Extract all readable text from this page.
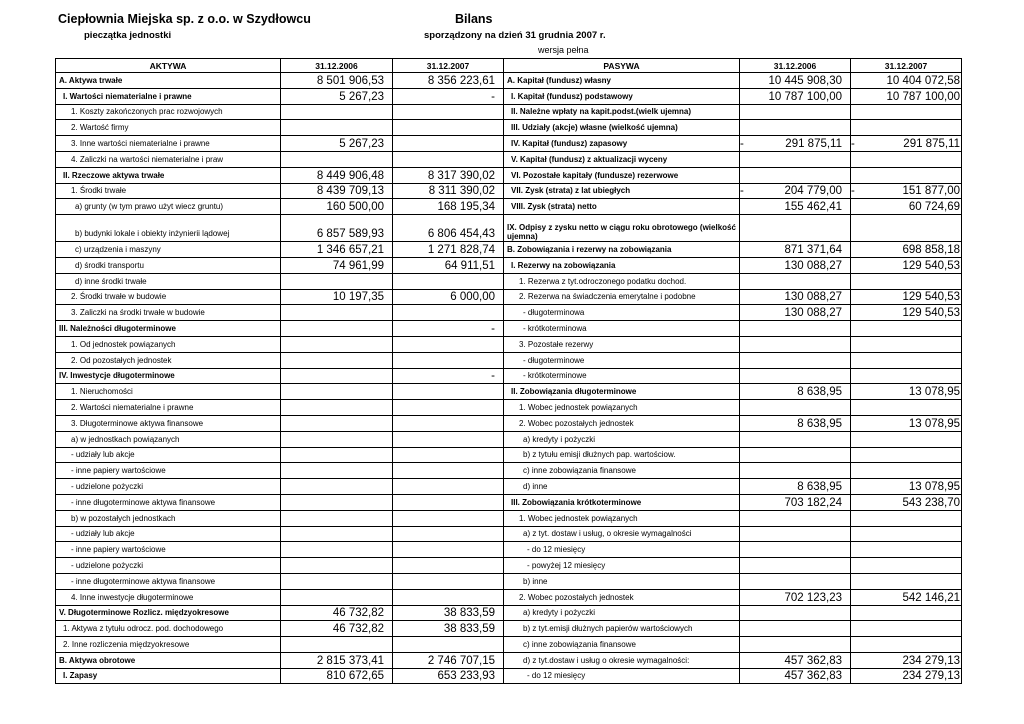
Ciepłownia Miejska sp. z o.o. w Szydłowcu	Bilans
pieczątka jednostki	sporządzony na dzień 31 grudnia 2007 r.
wersja pełna
AKTYWA	31.12.2006	31.12.2007	PASYWA	31.12.2006	31.12.2007
A. Aktywa trwałe	8 501 906,53	8 356 223,61	A. Kapitał (fundusz) własny	10 445 908,30	10 404 072,58
I. Wartości niematerialne i prawne	5 267,23	-	I. Kapitał (fundusz) podstawowy	10 787 100,00	10 787 100,00
1. Koszty zakończonych prac rozwojowych			II. Należne wpłaty na kapit.podst.(wielk ujemna)		
2. Wartość firmy			III. Udziały (akcje) własne (wielkość ujemna)		
3. Inne wartości niematerialne i prawne	5 267,23		IV. Kapitał (fundusz) zapasowy	- 291 875,11	- 291 875,11

4. Zaliczki na wartości niematerialne i praw			V. Kapitał (fundusz) z aktualizacji wyceny		
II. Rzeczowe aktywa trwałe	8 449 906,48	8 317 390,02	VI. Pozostałe kapitały (fundusze) rezerwowe		
1. Środki trwałe	8 439 709,13	8 311 390,02	VII. Zysk (strata) z lat ubiegłych	- 204 779,00	- 151 877,00

a) grunty (w tym prawo użyt wiecz gruntu)	160 500,00	168 195,34	VIII. Zysk (strata) netto	155 462,41	60 724,69
b) budynki lokale i obiekty inżynierii lądowej	6 857 589,93	6 806 454,43	IX. Odpisy z zysku netto w ciągu roku obrotowego (wielkość ujemna)		
c) urządzenia i maszyny	1 346 657,21	1 271 828,74	B. Zobowiązania i rezerwy na zobowiązania	871 371,64	698 858,18
d) środki transportu	74 961,99	64 911,51	I. Rezerwy na zobowiązania	130 088,27	129 540,53
d) inne środki trwałe			1. Rezerwa z tyt.odroczonego podatku dochod.		
2. Środki trwałe w budowie	10 197,35	6 000,00	2. Rezerwa na świadczenia emerytalne i podobne	130 088,27	129 540,53
3. Zaliczki na środki trwałe w budowie			- długoterminowa	130 088,27	129 540,53
III. Należności długoterminowe		-	- krótkoterminowa		
1. Od jednostek powiązanych			3. Pozostałe rezerwy		
2. Od pozostałych jednostek			- długoterminowe		
IV. Inwestycje długoterminowe		-	- krótkoterminowe		
1. Nieruchomości			II. Zobowiązania długoterminowe	8 638,95	13 078,95
2. Wartości niematerialne i prawne			1. Wobec jednostek powiązanych		
3. Długoterminowe aktywa finansowe			2. Wobec pozostałych jednostek	8 638,95	13 078,95
a) w jednostkach powiązanych			a) kredyty i pożyczki		
- udziały lub akcje			b) z tytułu emisji dłużnych pap. wartościow.		
- inne papiery wartościowe			c) inne zobowiązania finansowe		
- udzielone pożyczki			d) inne	8 638,95	13 078,95
- inne długoterminowe aktywa finansowe			III. Zobowiązania krótkoterminowe	703 182,24	543 238,70
b) w pozostałych jednostkach			1. Wobec jednostek powiązanych		
- udziały lub akcje			a) z tyt. dostaw i usług, o okresie wymagalności		
- inne papiery wartościowe			- do 12 miesięcy		
- udzielone pożyczki			- powyżej 12 miesięcy		
- inne długoterminowe aktywa finansowe			b) inne		
4. Inne inwestycje długoterminowe			2. Wobec pozostałych jednostek	702 123,23	542 146,21
V. Długoterminowe Rozlicz. międzyokresowe	46 732,82	38 833,59	a) kredyty i pożyczki		
1. Aktywa z tytułu odrocz. pod. dochodowego	46 732,82	38 833,59	b) z tyt.emisji dłużnych papierów wartościowych		
2. Inne rozliczenia międzyokresowe			c) inne zobowiązania finansowe		
B. Aktywa obrotowe	2 815 373,41	2 746 707,15	d) z tyt.dostaw i usług o okresie wymagalności:	457 362,83	234 279,13
I. Zapasy	810 672,65	653 233,93	- do 12 miesięcy	457 362,83	234 279,13
